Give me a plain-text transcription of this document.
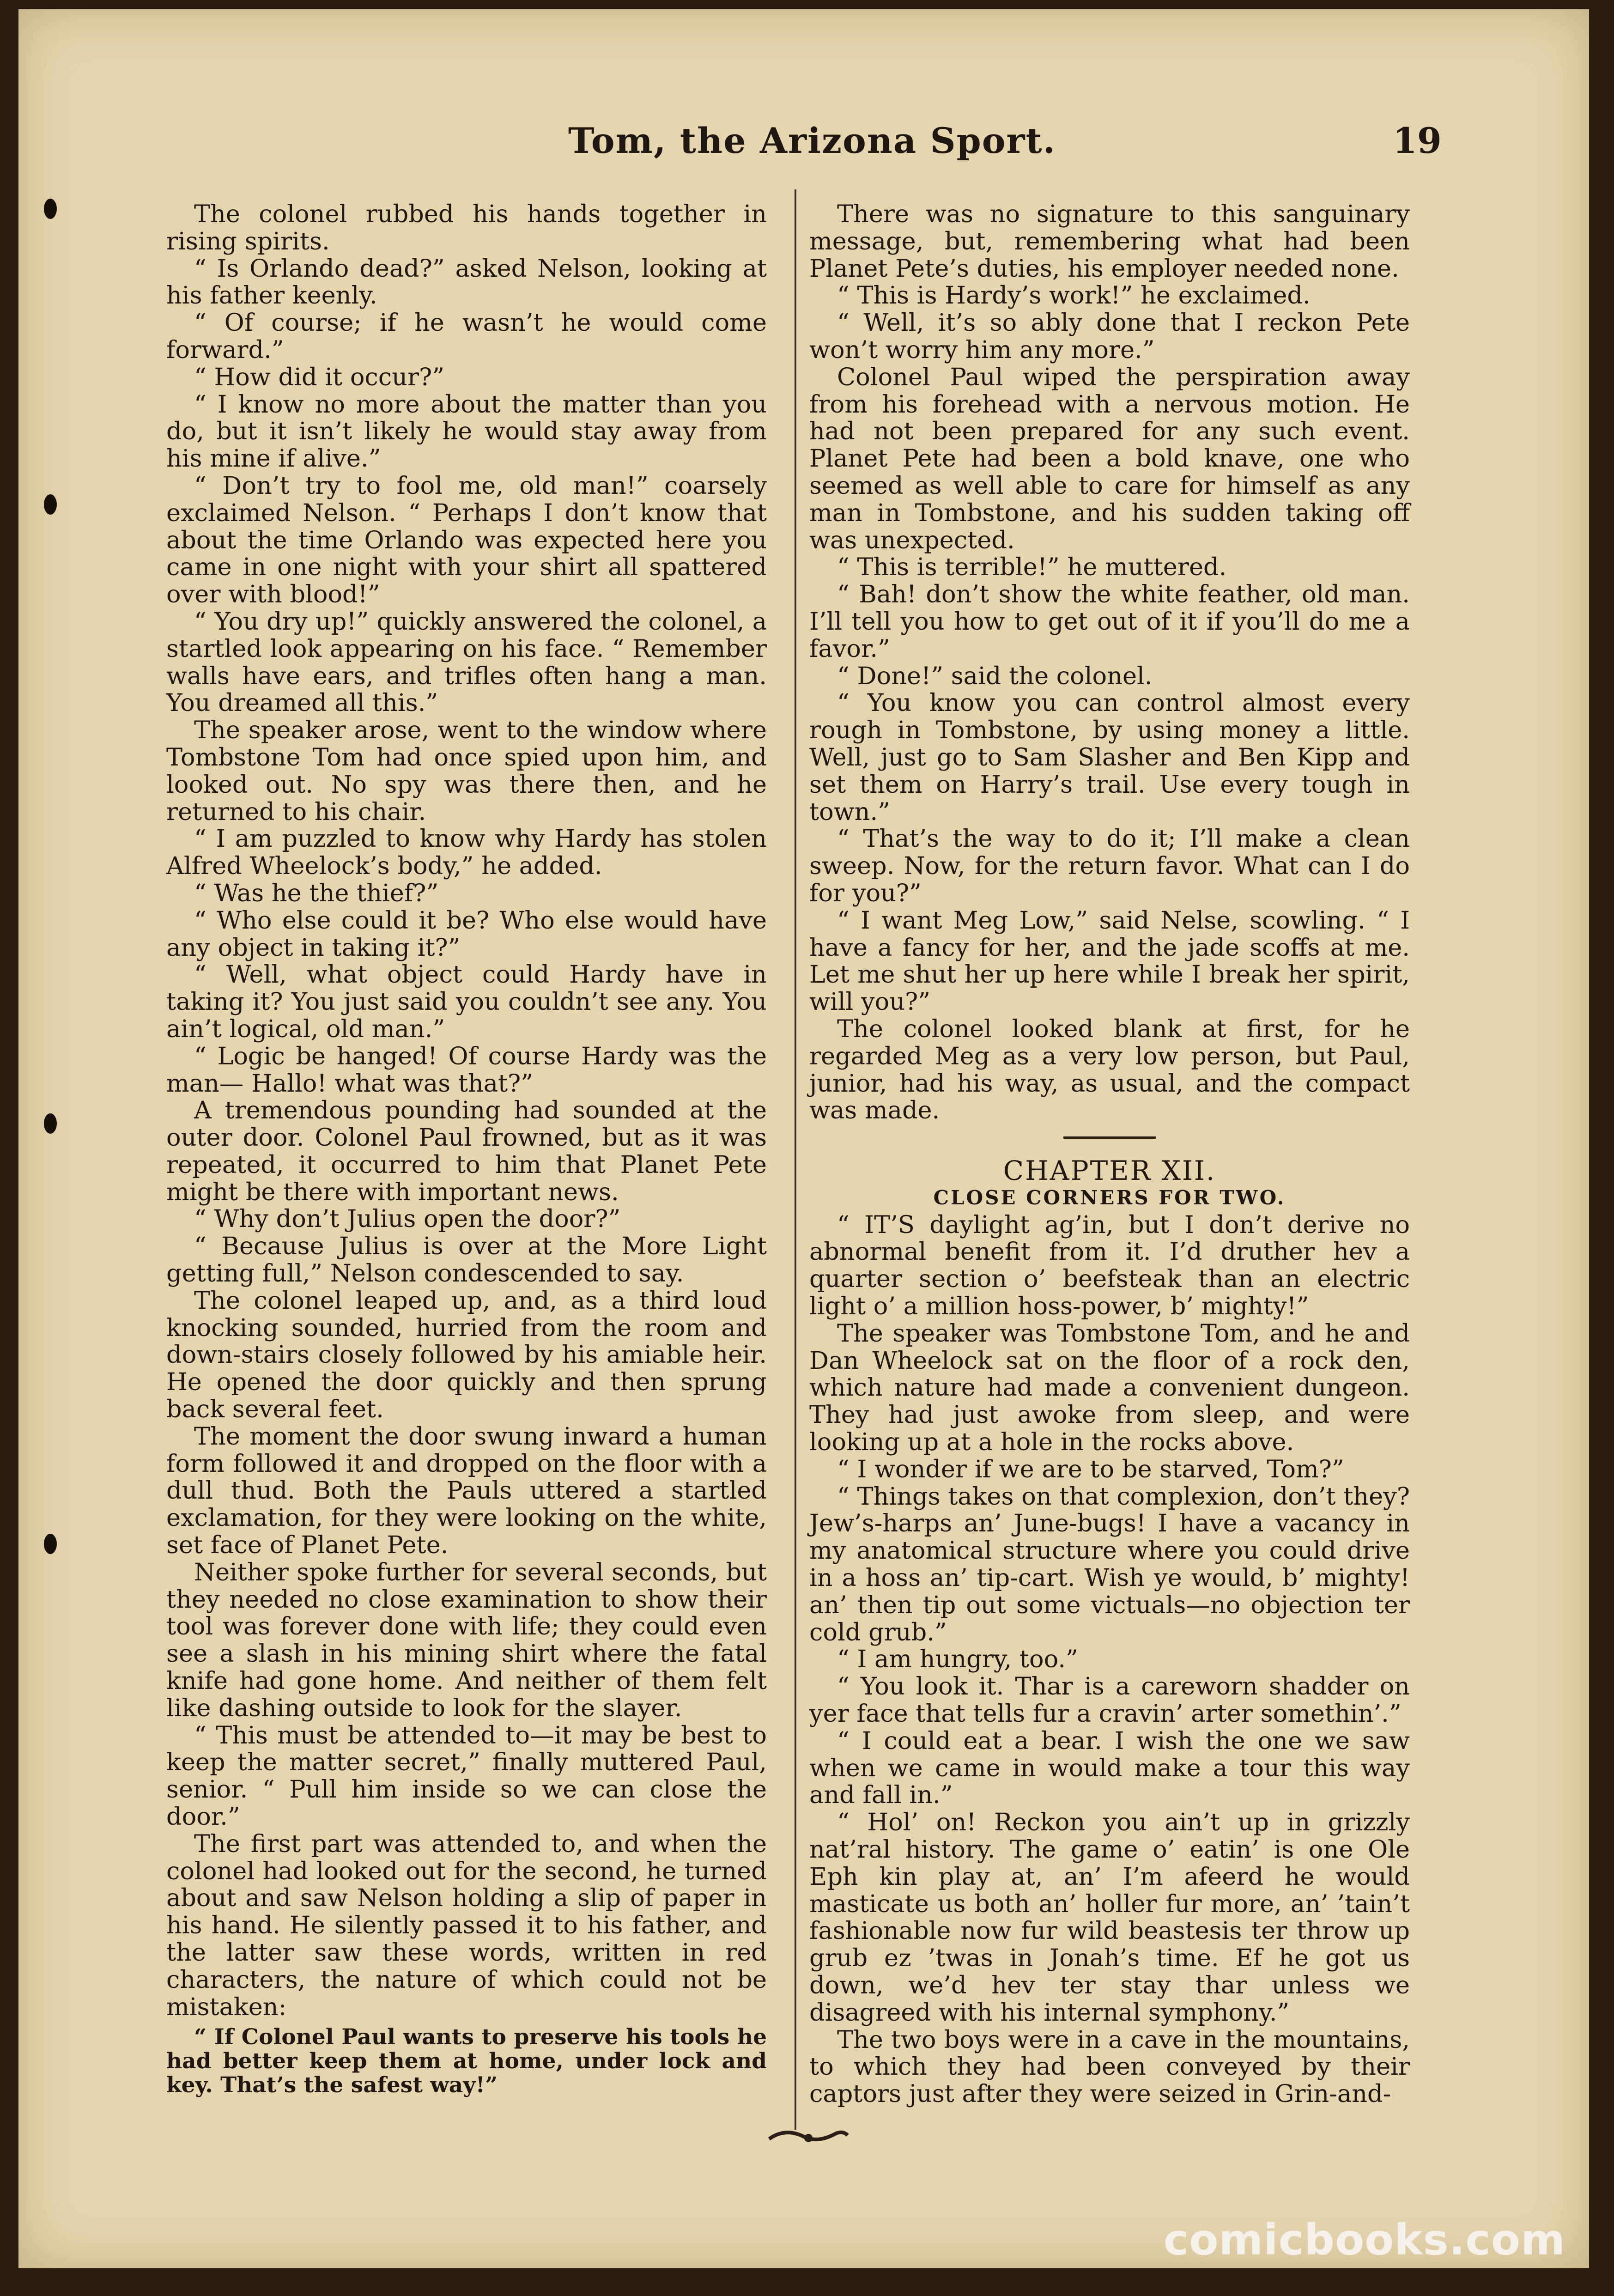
Tom, the Arizona Sport.	19

The colonel rubbed his hands together in rising spirits.

“ Is Orlando dead?” asked Nelson, looking at his father keenly.

“ Of course; if he wasn’t he would come forward.”

“ How did it occur?”

“ I know no more about the matter than you do, but it isn’t likely he would stay away from his mine if alive.”

“ Don’t try to fool me, old man!” coarsely exclaimed Nelson. “ Perhaps I don’t know that about the time Orlando was expected here you came in one night with your shirt all spattered over with blood!”

“ You dry up!” quickly answered the colonel, a startled look appearing on his face. “ Remember walls have ears, and trifles often hang a man. You dreamed all this.”

The speaker arose, went to the window where Tombstone Tom had once spied upon him, and looked out. No spy was there then, and he returned to his chair.

“ I am puzzled to know why Hardy has stolen Alfred Wheelock’s body,” he added.

“ Was he the thief?”

“ Who else could it be? Who else would have any object in taking it?”

“ Well, what object could Hardy have in taking it? You just said you couldn’t see any. You ain’t logical, old man.”

“ Logic be hanged! Of course Hardy was the man— Hallo! what was that?”

A tremendous pounding had sounded at the outer door. Colonel Paul frowned, but as it was repeated, it occurred to him that Planet Pete might be there with important news.

“ Why don’t Julius open the door?”

“ Because Julius is over at the More Light getting full,” Nelson condescended to say.

The colonel leaped up, and, as a third loud knocking sounded, hurried from the room and down-stairs closely followed by his amiable heir. He opened the door quickly and then sprung back several feet.

The moment the door swung inward a human form followed it and dropped on the floor with a dull thud. Both the Pauls uttered a startled exclamation, for they were looking on the white, set face of Planet Pete.

Neither spoke further for several seconds, but they needed no close examination to show their tool was forever done with life; they could even see a slash in his mining shirt where the fatal knife had gone home. And neither of them felt like dashing outside to look for the slayer.

“ This must be attended to—it may be best to keep the matter secret,” finally muttered Paul, senior. “ Pull him inside so we can close the door.”

The first part was attended to, and when the colonel had looked out for the second, he turned about and saw Nelson holding a slip of paper in his hand. He silently passed it to his father, and the latter saw these words, written in red characters, the nature of which could not be mistaken:

“ If Colonel Paul wants to preserve his tools he had better keep them at home, under lock and key. That’s the safest way!”

There was no signature to this sanguinary message, but, remembering what had been Planet Pete’s duties, his employer needed none.

“ This is Hardy’s work!” he exclaimed.

“ Well, it’s so ably done that I reckon Pete won’t worry him any more.”

Colonel Paul wiped the perspiration away from his forehead with a nervous motion. He had not been prepared for any such event. Planet Pete had been a bold knave, one who seemed as well able to care for himself as any man in Tombstone, and his sudden taking off was unexpected.

“ This is terrible!” he muttered.

“ Bah! don’t show the white feather, old man. I’ll tell you how to get out of it if you’ll do me a favor.”

“ Done!” said the colonel.

“ You know you can control almost every rough in Tombstone, by using money a little. Well, just go to Sam Slasher and Ben Kipp and set them on Harry’s trail. Use every tough in town.”

“ That’s the way to do it; I’ll make a clean sweep. Now, for the return favor. What can I do for you?”

“ I want Meg Low,” said Nelse, scowling. “ I have a fancy for her, and the jade scoffs at me. Let me shut her up here while I break her spirit, will you?”

The colonel looked blank at first, for he regarded Meg as a very low person, but Paul, junior, had his way, as usual, and the compact was made.

CHAPTER XII.

CLOSE CORNERS FOR TWO.

“ IT’S daylight ag’in, but I don’t derive no abnormal benefit from it. I’d druther hev a quarter section o’ beefsteak than an electric light o’ a million hoss-power, b’ mighty!”

The speaker was Tombstone Tom, and he and Dan Wheelock sat on the floor of a rock den, which nature had made a convenient dungeon. They had just awoke from sleep, and were looking up at a hole in the rocks above.

“ I wonder if we are to be starved, Tom?”

“ Things takes on that complexion, don’t they? Jew’s-harps an’ June-bugs! I have a vacancy in my anatomical structure where you could drive in a hoss an’ tip-cart. Wish ye would, b’ mighty! an’ then tip out some victuals—no objection ter cold grub.”

“ I am hungry, too.”

“ You look it. Thar is a careworn shadder on yer face that tells fur a cravin’ arter somethin’.”

“ I could eat a bear. I wish the one we saw when we came in would make a tour this way and fall in.”

“ Hol’ on! Reckon you ain’t up in grizzly nat’ral history. The game o’ eatin’ is one Ole Eph kin play at, an’ I’m afeerd he would masticate us both an’ holler fur more, an’ ’tain’t fashionable now fur wild beastesis ter throw up grub ez ’twas in Jonah’s time. Ef he got us down, we’d hev ter stay thar unless we disagreed with his internal symphony.”

The two boys were in a cave in the mountains, to which they had been conveyed by their captors just after they were seized in Grin-and-

comicbooks.com
